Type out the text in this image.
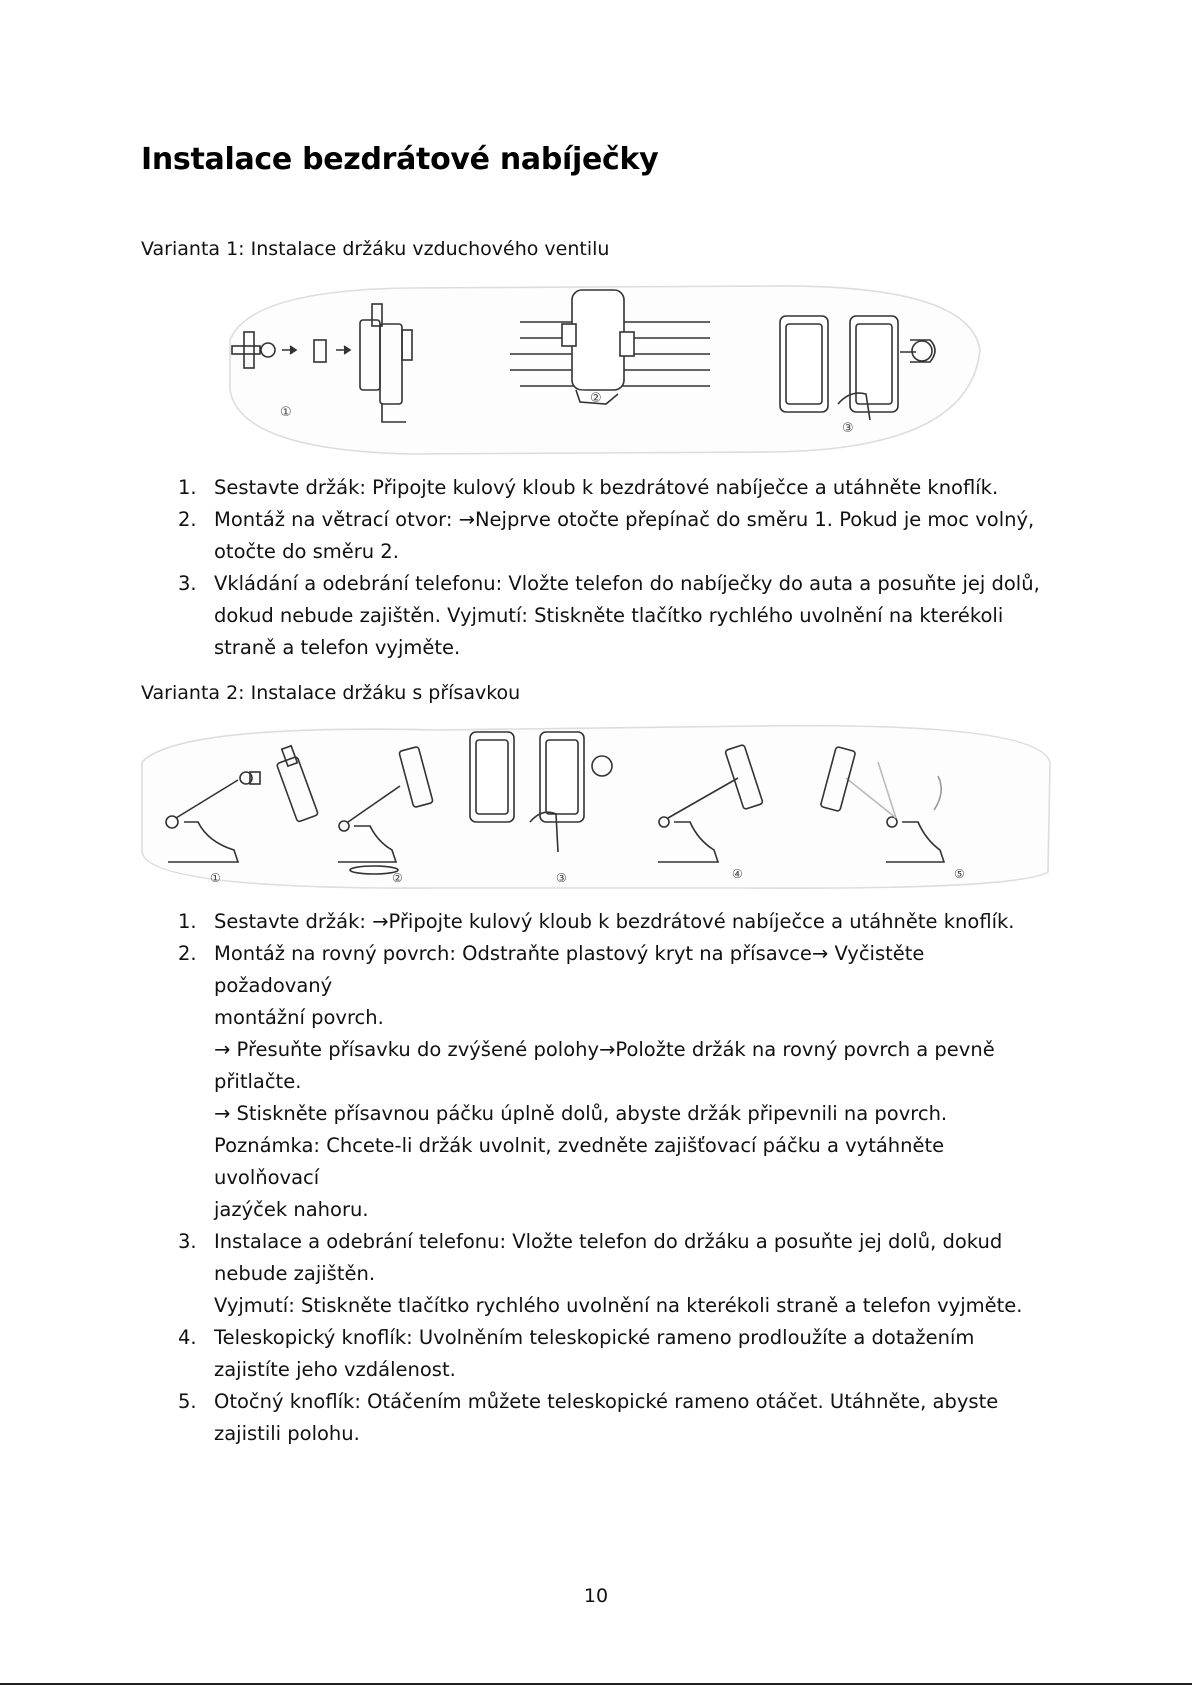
Instalace bezdrátové nabíječky

Varianta 1: Instalace držáku vzduchového ventilu

①
②
③
1. Sestavte držák: Připojte kulový kloub k bezdrátové nabíječce a utáhněte knoflík.
2. Montáž na větrací otvor: →Nejprve otočte přepínač do směru 1. Pokud je moc volný,
otočte do směru 2.
3. Vkládání a odebrání telefonu: Vložte telefon do nabíječky do auta a posuňte jej dolů,
dokud nebude zajištěn. Vyjmutí: Stiskněte tlačítko rychlého uvolnění na kterékoli
straně a telefon vyjměte.

Varianta 2: Instalace držáku s přísavkou

①	②	③	④	⑤
1. Sestavte držák: →Připojte kulový kloub k bezdrátové nabíječce a utáhněte knoflík.
2. Montáž na rovný povrch: Odstraňte plastový kryt na přísavce→ Vyčistěte požadovaný
montážní povrch.
→ Přesuňte přísavku do zvýšené polohy→Položte držák na rovný povrch a pevně
přitlačte.
→ Stiskněte přísavnou páčku úplně dolů, abyste držák připevnili na povrch.
Poznámka: Chcete-li držák uvolnit, zvedněte zajišťovací páčku a vytáhněte uvolňovací
jazýček nahoru.
3. Instalace a odebrání telefonu: Vložte telefon do držáku a posuňte jej dolů, dokud
nebude zajištěn.
Vyjmutí: Stiskněte tlačítko rychlého uvolnění na kterékoli straně a telefon vyjměte.
4. Teleskopický knoflík: Uvolněním teleskopické rameno prodloužíte a dotažením
zajistíte jeho vzdálenost.
5. Otočný knoflík: Otáčením můžete teleskopické rameno otáčet. Utáhněte, abyste
zajistili polohu.
10
